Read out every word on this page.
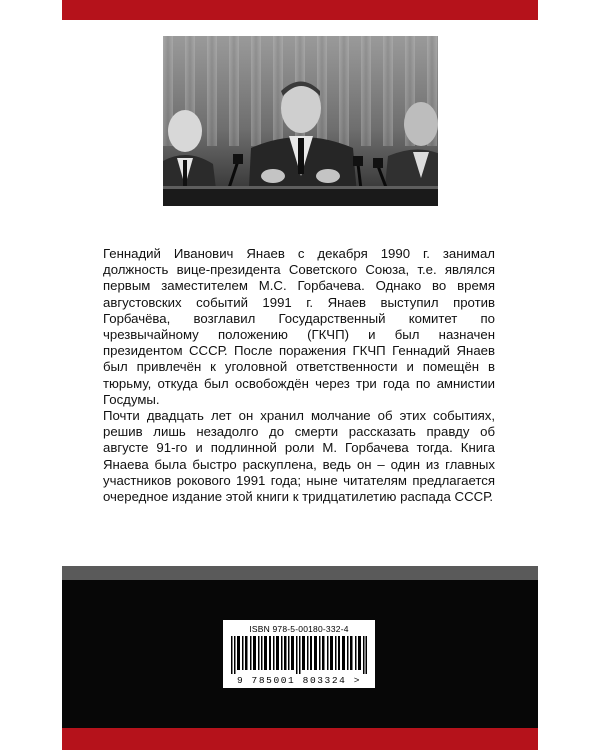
Геннадий Иванович Янаев с декабря 1990 г. занимал должность вице-президента Советского Союза, т.е. являлся первым заместителем М.С. Горбачева. Однако во время августовских событий 1991 г. Янаев выступил против Горбачёва, возглавил Государственный комитет по чрезвычайному положению (ГКЧП) и был назначен президентом СССР. После поражения ГКЧП Геннадий Янаев был привлечён к уголовной ответственности и помещён в тюрьму, откуда был освобождён через три года по амнистии Госдумы.

Почти двадцать лет он хранил молчание об этих событиях, решив лишь незадолго до смерти рассказать правду об августе 91-го и подлинной роли М. Горбачева тогда. Книга Янаева была быстро раскуплена, ведь он – один из главных участников рокового 1991 года; ныне читателям предлагается очередное издание этой книги к тридцатилетию распада СССР.

ISBN 978-5-00180-332-4
9 785001 803324 >
